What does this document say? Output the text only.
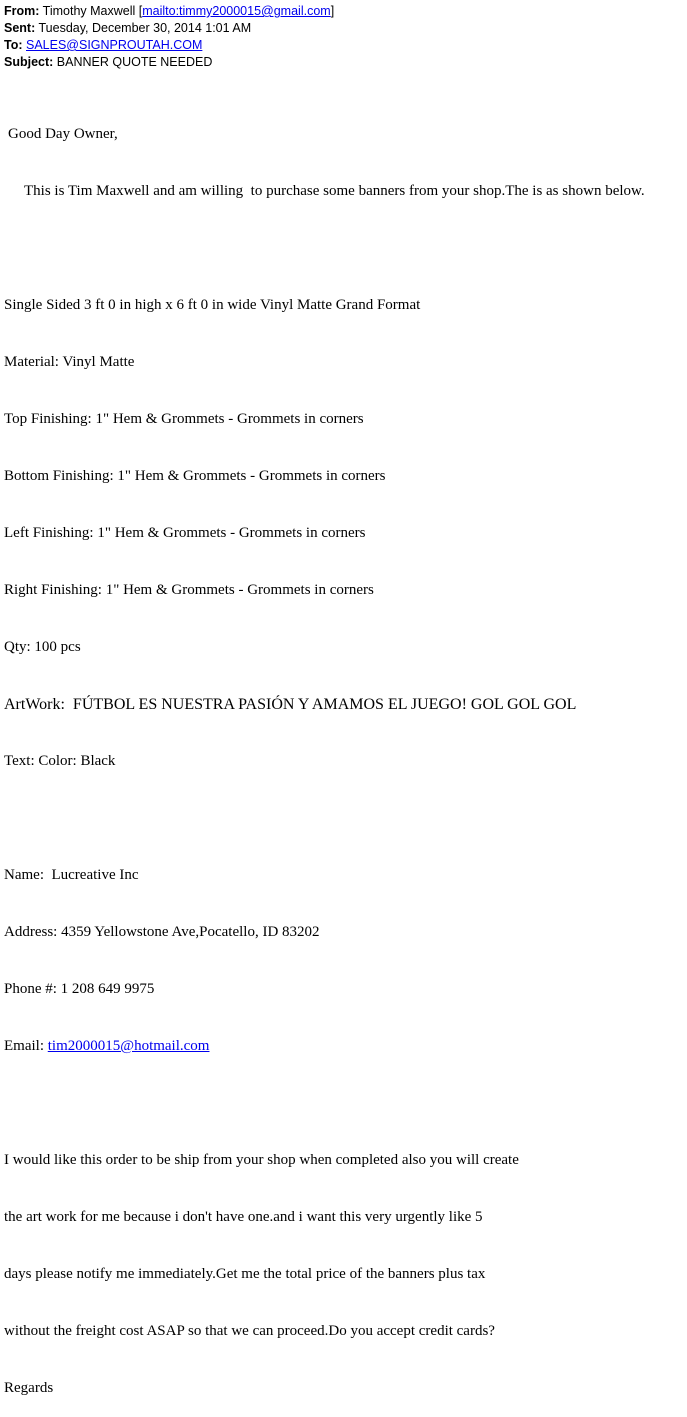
From: Timothy Maxwell [mailto:timmy2000015@gmail.com]
Sent: Tuesday, December 30, 2014 1:01 AM
To: SALES@SIGNPROUTAH.COM
Subject: BANNER QUOTE NEEDED

Good Day Owner,

This is Tim Maxwell and am willing  to purchase some banners from your shop.The is as shown below.

Single Sided 3 ft 0 in high x 6 ft 0 in wide Vinyl Matte Grand Format

Material: Vinyl Matte

Top Finishing: 1" Hem & Grommets - Grommets in corners

Bottom Finishing: 1" Hem & Grommets - Grommets in corners

Left Finishing: 1" Hem & Grommets - Grommets in corners

Right Finishing: 1" Hem & Grommets - Grommets in corners

Qty: 100 pcs

ArtWork:  FÚTBOL ES NUESTRA PASIÓN Y AMAMOS EL JUEGO! GOL GOL GOL

Text: Color: Black

Name:  Lucreative Inc

Address: 4359 Yellowstone Ave,Pocatello, ID 83202

Phone #: 1 208 649 9975

Email: tim2000015@hotmail.com

I would like this order to be ship from your shop when completed also you will create

the art work for me because i don't have one.and i want this very urgently like 5

days please notify me immediately.Get me the total price of the banners plus tax

without the freight cost ASAP so that we can proceed.Do you accept credit cards?

Regards
